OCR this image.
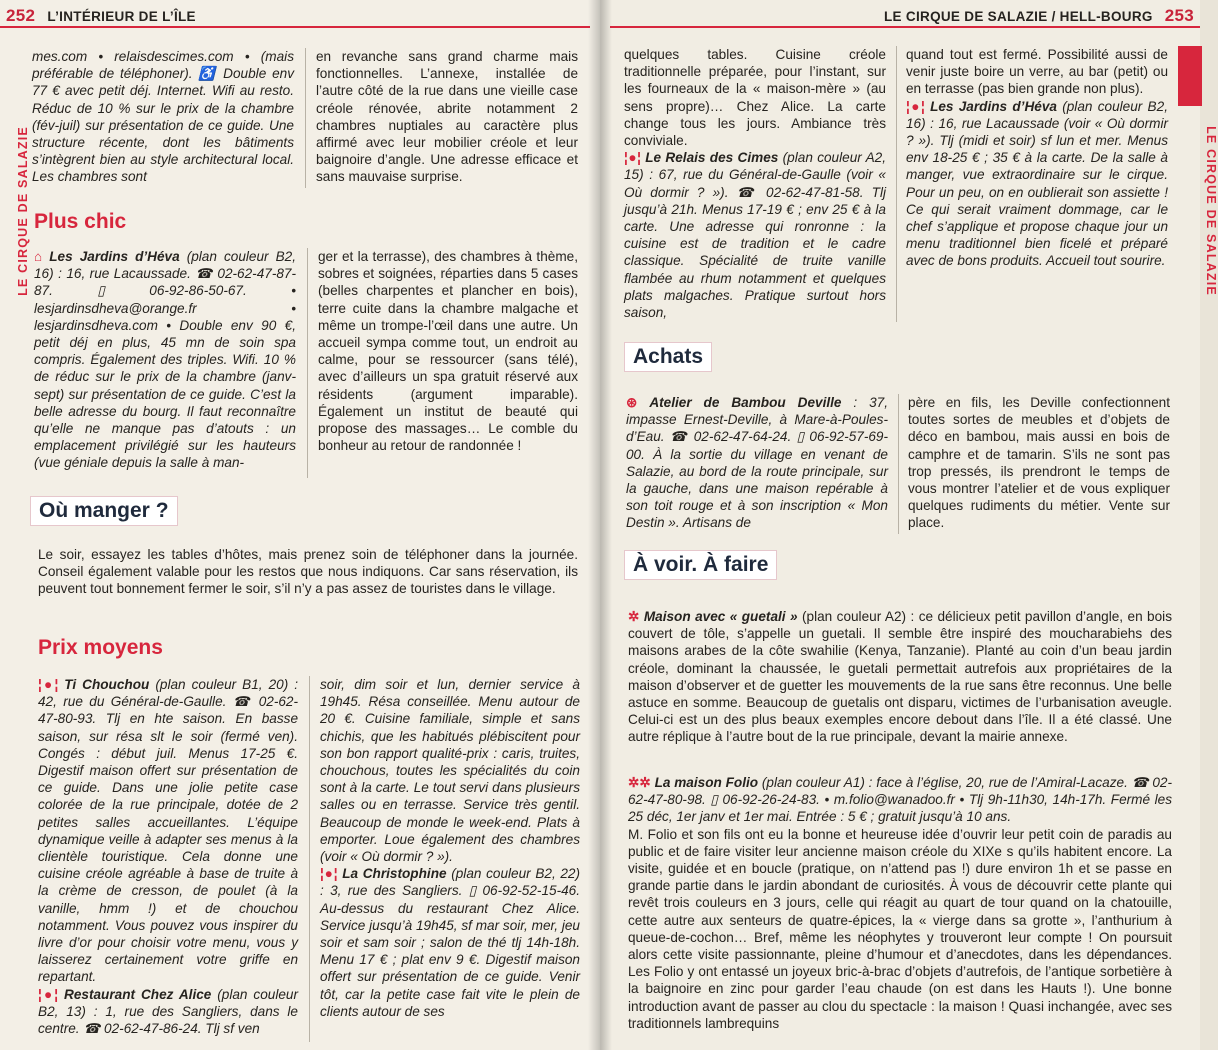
252 L’INTÉRIEUR DE L’ÎLE
LE CIRQUE DE SALAZIE
mes.com • relaisdescimes.com • (mais préférable de téléphoner). ♿ Double env 77 € avec petit déj. Internet. Wifi au resto. Réduc de 10 % sur le prix de la chambre (fév-juil) sur présentation de ce guide. Une structure récente, dont les bâtiments s’intègrent bien au style architectural local. Les chambres sont
en revanche sans grand charme mais fonctionnelles. L’annexe, installée de l’autre côté de la rue dans une vieille case créole rénovée, abrite notamment 2 chambres nuptiales au caractère plus affirmé avec leur mobilier créole et leur baignoire d’angle. Une adresse efficace et sans mauvaise surprise.
Plus chic
⌂ Les Jardins d’Héva (plan couleur B2, 16) : 16, rue Lacaussade. ☎ 02-62-47-87-87. ▯ 06-92-86-50-67. • lesjardinsdheva@orange.fr • lesjardinsdheva.com • Double env 90 €, petit déj en plus, 45 mn de soin spa compris. Également des triples. Wifi. 10 % de réduc sur le prix de la chambre (janv-sept) sur présentation de ce guide. C’est la belle adresse du bourg. Il faut reconnaître qu’elle ne manque pas d’atouts : un emplacement privilégié sur les hauteurs (vue géniale depuis la salle à man-
ger et la terrasse), des chambres à thème, sobres et soignées, réparties dans 5 cases (belles charpentes et plancher en bois), terre cuite dans la chambre malgache et même un trompe-l’œil dans une autre. Un accueil sympa comme tout, un endroit au calme, pour se ressourcer (sans télé), avec d’ailleurs un spa gratuit réservé aux résidents (argument imparable). Également un institut de beauté qui propose des massages… Le comble du bonheur au retour de randonnée !
Où manger ?
Le soir, essayez les tables d’hôtes, mais prenez soin de téléphoner dans la journée. Conseil également valable pour les restos que nous indiquons. Car sans réservation, ils peuvent tout bonnement fermer le soir, s’il n’y a pas assez de touristes dans le village.
Prix moyens
¦●¦ Ti Chouchou (plan couleur B1, 20) : 42, rue du Général-de-Gaulle. ☎ 02-62-47-80-93. Tlj en hte saison. En basse saison, sur résa slt le soir (fermé ven). Congés : début juil. Menus 17-25 €. Digestif maison offert sur présentation de ce guide. Dans une jolie petite case colorée de la rue principale, dotée de 2 petites salles accueillantes. L’équipe dynamique veille à adapter ses menus à la clientèle touristique. Cela donne une cuisine créole agréable à base de truite à la crème de cresson, de poulet (à la vanille, hmm !) et de chouchou notamment. Vous pouvez vous inspirer du livre d’or pour choisir votre menu, vous y laisserez certainement votre griffe en repartant.
¦●¦ Restaurant Chez Alice (plan couleur B2, 13) : 1, rue des Sangliers, dans le centre. ☎ 02-62-47-86-24. Tlj sf ven
soir, dim soir et lun, dernier service à 19h45. Résa conseillée. Menu autour de 20 €. Cuisine familiale, simple et sans chichis, que les habitués plébiscitent pour son bon rapport qualité-prix : caris, truites, chouchous, toutes les spécialités du coin sont à la carte. Le tout servi dans plusieurs salles ou en terrasse. Service très gentil. Beaucoup de monde le week-end. Plats à emporter. Loue également des chambres (voir « Où dormir ? »).
¦●¦ La Christophine (plan couleur B2, 22) : 3, rue des Sangliers. ▯ 06-92-52-15-46. Au-dessus du restaurant Chez Alice. Service jusqu’à 19h45, sf mar soir, mer, jeu soir et sam soir ; salon de thé tlj 14h-18h. Menu 17 € ; plat env 9 €. Digestif maison offert sur présentation de ce guide. Venir tôt, car la petite case fait vite le plein de clients autour de ses
LE CIRQUE DE SALAZIE / HELL-BOURG 253
LE CIRQUE DE SALAZIE
quelques tables. Cuisine créole traditionnelle préparée, pour l’instant, sur les fourneaux de la « maison-mère » (au sens propre)… Chez Alice. La carte change tous les jours. Ambiance très conviviale.
¦●¦ Le Relais des Cimes (plan couleur A2, 15) : 67, rue du Général-de-Gaulle (voir « Où dormir ? »). ☎ 02-62-47-81-58. Tlj jusqu’à 21h. Menus 17-19 € ; env 25 € à la carte. Une adresse qui ronronne : la cuisine est de tradition et le cadre classique. Spécialité de truite vanille flambée au rhum notamment et quelques plats malgaches. Pratique surtout hors saison,
quand tout est fermé. Possibilité aussi de venir juste boire un verre, au bar (petit) ou en terrasse (pas bien grande non plus).
¦●¦ Les Jardins d’Héva (plan couleur B2, 16) : 16, rue Lacaussade (voir « Où dormir ? »). Tlj (midi et soir) sf lun et mer. Menus env 18-25 € ; 35 € à la carte. De la salle à manger, vue extraordinaire sur le cirque. Pour un peu, on en oublierait son assiette ! Ce qui serait vraiment dommage, car le chef s’applique et propose chaque jour un menu traditionnel bien ficelé et préparé avec de bons produits. Accueil tout sourire.
Achats
⊛ Atelier de Bambou Deville : 37, impasse Ernest-Deville, à Mare-à-Poules-d’Eau. ☎ 02-62-47-64-24. ▯ 06-92-57-69-00. À la sortie du village en venant de Salazie, au bord de la route principale, sur la gauche, dans une maison repérable à son toit rouge et à son inscription « Mon Destin ». Artisans de
père en fils, les Deville confectionnent toutes sortes de meubles et d’objets de déco en bambou, mais aussi en bois de camphre et de tamarin. S’ils ne sont pas trop pressés, ils prendront le temps de vous montrer l’atelier et de vous expliquer quelques rudiments du métier. Vente sur place.
À voir. À faire
✲ Maison avec « guetali » (plan couleur A2) : ce délicieux petit pavillon d’angle, en bois couvert de tôle, s’appelle un guetali. Il semble être inspiré des moucharabiehs des maisons arabes de la côte swahilie (Kenya, Tanzanie). Planté au coin d’un beau jardin créole, dominant la chaussée, le guetali permettait autrefois aux propriétaires de la maison d’observer et de guetter les mouvements de la rue sans être reconnus. Une belle astuce en somme. Beaucoup de guetalis ont disparu, victimes de l’urbanisation aveugle. Celui-ci est un des plus beaux exemples encore debout dans l’île. Il a été classé. Une autre réplique à l’autre bout de la rue principale, devant la mairie annexe.
✲✲ La maison Folio (plan couleur A1) : face à l’église, 20, rue de l’Amiral-Lacaze. ☎ 02-62-47-80-98. ▯ 06-92-26-24-83. • m.folio@wanadoo.fr • Tlj 9h-11h30, 14h-17h. Fermé les 25 déc, 1er janv et 1er mai. Entrée : 5 € ; gratuit jusqu’à 10 ans.
M. Folio et son fils ont eu la bonne et heureuse idée d’ouvrir leur petit coin de paradis au public et de faire visiter leur ancienne maison créole du XIXe s qu’ils habitent encore. La visite, guidée et en boucle (pratique, on n’attend pas !) dure environ 1h et se passe en grande partie dans le jardin abondant de curiosités. À vous de découvrir cette plante qui revêt trois couleurs en 3 jours, celle qui réagit au quart de tour quand on la chatouille, cette autre aux senteurs de quatre-épices, la « vierge dans sa grotte », l’anthurium à queue-de-cochon… Bref, même les néophytes y trouveront leur compte ! On poursuit alors cette visite passionnante, pleine d’humour et d’anecdotes, dans les dépendances. Les Folio y ont entassé un joyeux bric-à-brac d’objets d’autrefois, de l’antique sorbetière à la baignoire en zinc pour garder l’eau chaude (on est dans les Hauts !). Une bonne introduction avant de passer au clou du spectacle : la maison ! Quasi inchangée, avec ses traditionnels lambrequins
